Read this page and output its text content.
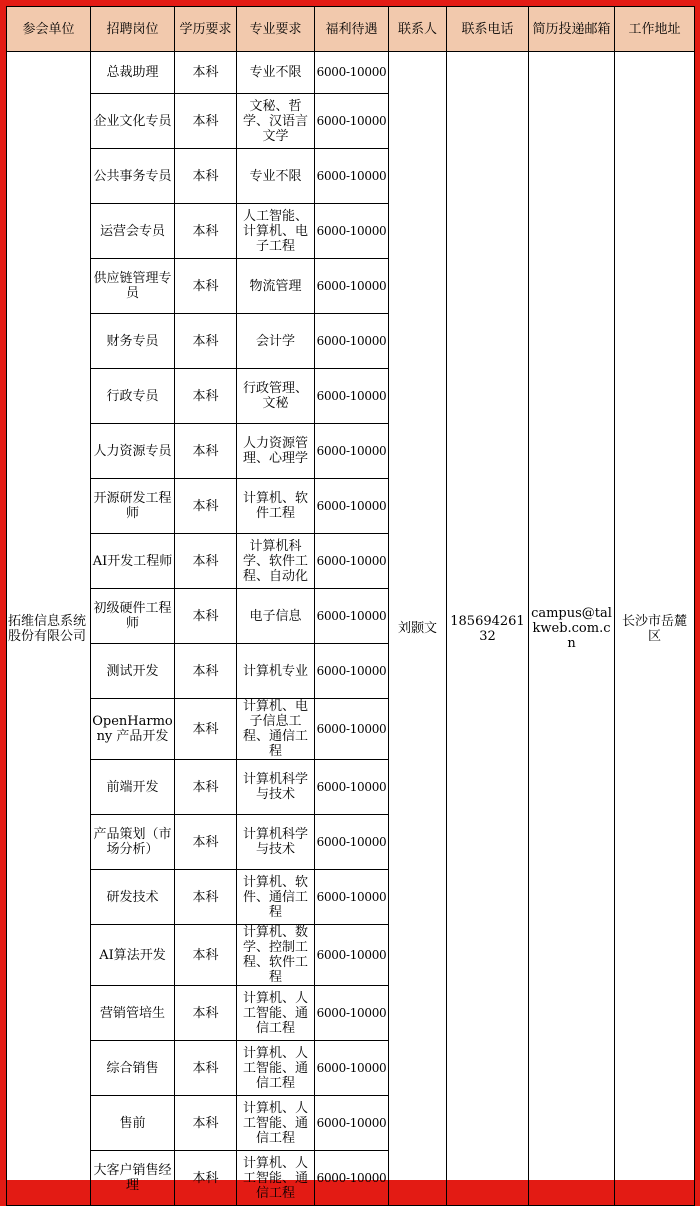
参会单位	招聘岗位	学历要求	专业要求	福利待遇	联系人	联系电话	简历投递邮箱	工作地址
拓维信息系统股份有限公司	总裁助理	本科	专业不限	6000-10000	刘颢文	18569426132	campus@talkweb.com.cn	长沙市岳麓区
	企业文化专员	本科	文秘、哲学、汉语言文学	6000-10000				
	公共事务专员	本科	专业不限	6000-10000				
	运营会专员	本科	人工智能、计算机、电子工程	6000-10000				
	供应链管理专员	本科	物流管理	6000-10000				
	财务专员	本科	会计学	6000-10000				
	行政专员	本科	行政管理、文秘	6000-10000				
	人力资源专员	本科	人力资源管理、心理学	6000-10000				
	开源研发工程师	本科	计算机、软件工程	6000-10000				
	AI开发工程师	本科	计算机科学、软件工程、自动化	6000-10000				
	初级硬件工程师	本科	电子信息	6000-10000				
	测试开发	本科	计算机专业	6000-10000				
	OpenHarmony 产品开发	本科	计算机、电子信息工程、通信工程	6000-10000				
	前端开发	本科	计算机科学与技术	6000-10000				
	产品策划（市场分析）	本科	计算机科学与技术	6000-10000				
	研发技术	本科	计算机、软件、通信工程	6000-10000				
	AI算法开发	本科	计算机、数学、控制工程、软件工程	6000-10000				
	营销管培生	本科	计算机、人工智能、通信工程	6000-10000				
	综合销售	本科	计算机、人工智能、通信工程	6000-10000				
	售前	本科	计算机、人工智能、通信工程	6000-10000				
	大客户销售经理	本科	计算机、人工智能、通信工程	6000-10000				
